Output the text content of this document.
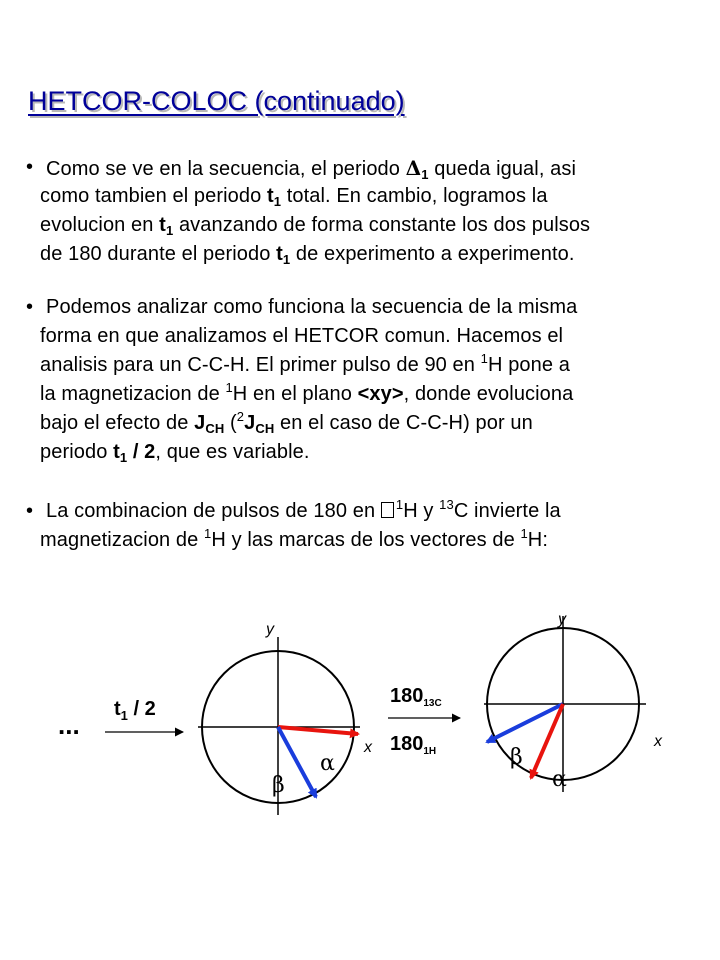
HETCOR-COLOC (continuado)
• Como se ve en la secuencia, el periodo $\Delta_1$ queda igual, asi
como tambien el periodo $t_1$ total. En cambio, logramos la
evolucion en $t_1$ avanzando de forma constante los dos pulsos
de 180 durante el periodo $t_1$ de experimento a experimento.
• Podemos analizar como funciona la secuencia de la misma
forma en que analizamos el HETCOR comun. Hacemos el
analisis para un C-C-H. El primer pulso de 90 en $^1$H pone a
la magnetizacion de $^1$H en el plano <xy>, donde evoluciona
bajo el efecto de $J_{CH}$ ($^2J_{CH}$ en el caso de C-C-H) por un
periodo $t_1 / 2$, que es variable.
• La combinacion de pulsos de 180 en $^1$H y $^{13}$C invierte la
magnetizacion de $^1$H y las marcas de los vectores de $^1$H:
...
$t_1 / 2$
y
x
α
β
$180_{13C}$
$180_{1H}$
y
x
β
α
